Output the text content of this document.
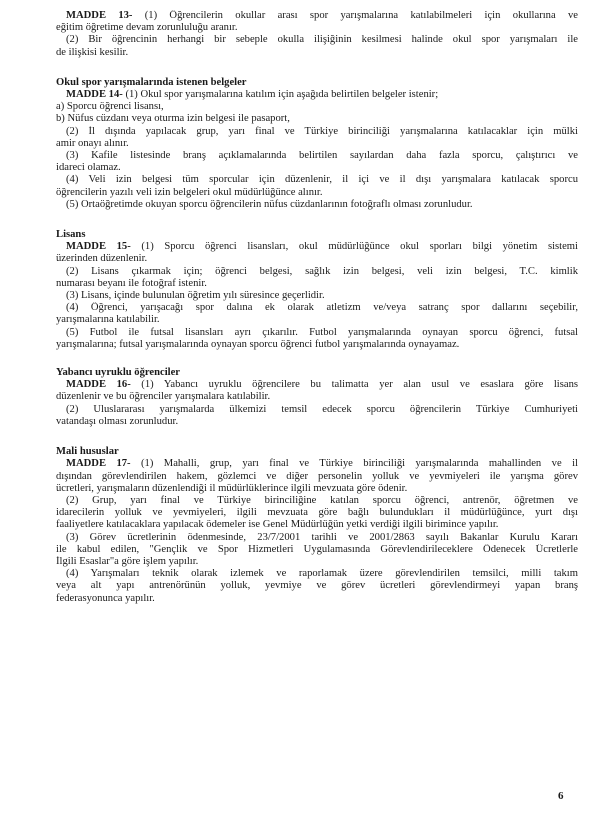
MADDE 13- (1) Öğrencilerin okullar arası spor yarışmalarına katılabilmeleri için okullarına ve
eğitim öğretime devam zorunluluğu aranır.
(2) Bir öğrencinin herhangi bir sebeple okulla ilişiğinin kesilmesi halinde okul spor yarışmaları ile
de ilişkisi kesilir.
Okul spor yarışmalarında istenen belgeler
MADDE 14- (1) Okul spor yarışmalarına katılım için aşağıda belirtilen belgeler istenir;
a) Sporcu öğrenci lisansı,
b) Nüfus cüzdanı veya oturma izin belgesi ile pasaport,
(2) İl dışında yapılacak grup, yarı final ve Türkiye birinciliği yarışmalarına katılacaklar için mülki
amir onayı alınır.
(3) Kafile listesinde branş açıklamalarında belirtilen sayılardan daha fazla sporcu, çalıştırıcı ve
idareci olamaz.
(4) Veli izin belgesi tüm sporcular için düzenlenir, il içi ve il dışı yarışmalara katılacak sporcu
öğrencilerin yazılı veli izin belgeleri okul müdürlüğünce alınır.
(5) Ortaöğretimde okuyan sporcu öğrencilerin nüfus cüzdanlarının fotoğraflı olması zorunludur.
Lisans
MADDE 15- (1) Sporcu öğrenci lisansları, okul müdürlüğünce okul sporları bilgi yönetim sistemi
üzerinden düzenlenir.
(2) Lisans çıkarmak için; öğrenci belgesi, sağlık izin belgesi, veli izin belgesi, T.C. kimlik
numarası beyanı ile fotoğraf istenir.
(3) Lisans, içinde bulunulan öğretim yılı süresince geçerlidir.
(4) Öğrenci, yarışacağı spor dalına ek olarak atletizm ve/veya satranç spor dallarını seçebilir,
yarışmalarına katılabilir.
(5) Futbol ile futsal lisansları ayrı çıkarılır. Futbol yarışmalarında oynayan sporcu öğrenci, futsal
yarışmalarına; futsal yarışmalarında oynayan sporcu öğrenci futbol yarışmalarında oynayamaz.
Yabancı uyruklu öğrenciler
MADDE 16- (1) Yabancı uyruklu öğrencilere bu talimatta yer alan usul ve esaslara göre lisans
düzenlenir ve bu öğrenciler yarışmalara katılabilir.
(2) Uluslararası yarışmalarda ülkemizi temsil edecek sporcu öğrencilerin Türkiye Cumhuriyeti
vatandaşı olması zorunludur.
Mali hususlar
MADDE 17- (1) Mahalli, grup, yarı final ve Türkiye birinciliği yarışmalarında mahallinden ve il
dışından görevlendirilen hakem, gözlemci ve diğer personelin yolluk ve yevmiyeleri ile yarışma görev
ücretleri, yarışmaların düzenlendiği il müdürlüklerince ilgili mevzuata göre ödenir.
(2) Grup, yarı final ve Türkiye birinciliğine katılan sporcu öğrenci, antrenör, öğretmen ve
idarecilerin yolluk ve yevmiyeleri, ilgili mevzuata göre bağlı bulundukları il müdürlüğünce, yurt dışı
faaliyetlere katılacaklara yapılacak ödemeler ise Genel Müdürlüğün yetki verdiği ilgili birimince yapılır.
(3) Görev ücretlerinin ödenmesinde, 23/7/2001 tarihli ve 2001/2863 sayılı Bakanlar Kurulu Kararı
ile kabul edilen, "Gençlik ve Spor Hizmetleri Uygulamasında Görevlendirileceklere Ödenecek Ücretlerle
İlgili Esaslar"a göre işlem yapılır.
(4) Yarışmaları teknik olarak izlemek ve raporlamak üzere görevlendirilen temsilci, milli takım
veya alt yapı antrenörünün yolluk, yevmiye ve görev ücretleri görevlendirmeyi yapan branş
federasyonunca yapılır.
6
